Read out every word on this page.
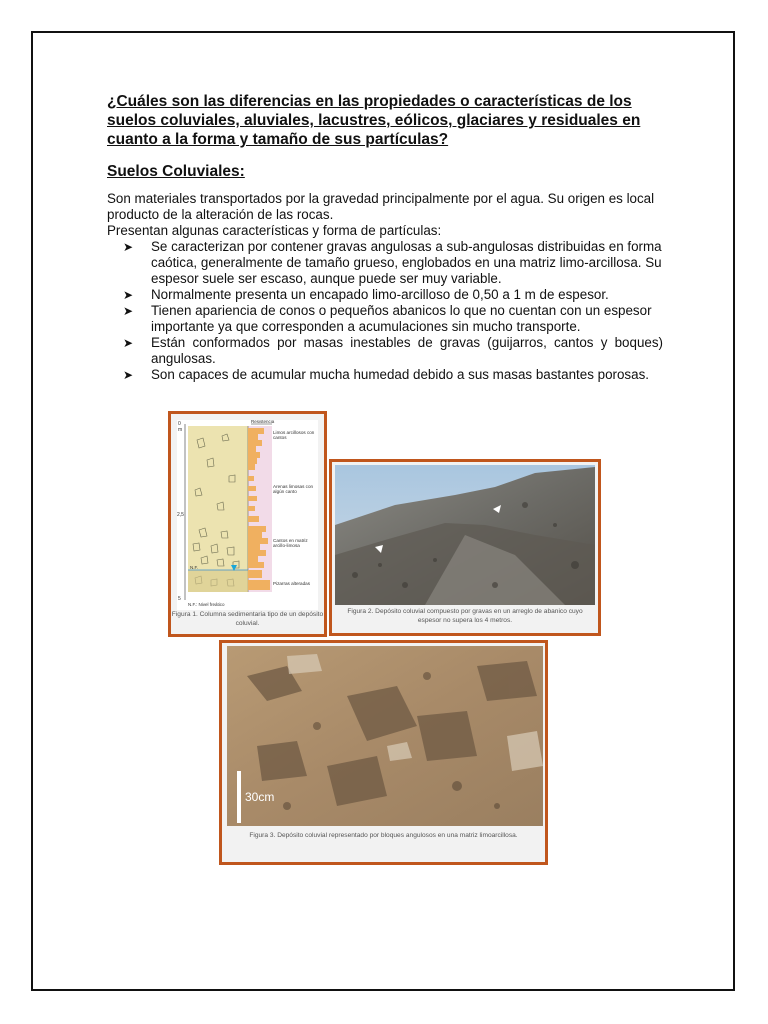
¿Cuáles son las diferencias en las propiedades o características de los suelos coluviales, aluviales, lacustres, eólicos, glaciares y residuales en cuanto a la forma y tamaño de sus partículas?

Suelos Coluviales:

Son materiales transportados por la gravedad principalmente por el agua. Su origen es local producto de la alteración de las rocas.

Presentan algunas características y forma de partículas:

➤ Se caracterizan por contener gravas angulosas a sub-angulosas distribuidas en forma caótica, generalmente de tamaño grueso, englobados en una matriz limo-arcillosa. Su espesor suele ser escaso, aunque puede ser muy variable.
➤ Normalmente presenta un encapado limo-arcilloso de 0,50 a 1 m de espesor.
➤ Tienen apariencia de conos o pequeños abanicos lo que no cuentan con un espesor importante ya que corresponden a acumulaciones sin mucho transporte.
➤ Están conformados por masas inestables de gravas (guijarros, cantos y boques) angulosas.
➤ Son capaces de acumular mucha humedad debido a sus masas bastantes porosas.
0
m
2,5
5
Resistencia
N.F.
N.F.: Nivel freático
Limos arcillosos con cantos
Arenas limosas con algún canto
Cantos en matriz arcillo-limosa
Pizarras alteradas
Figura 1. Columna sedimentaria tipo de un depósito coluvial.
Figura 2. Depósito coluvial compuesto por gravas en un arreglo de abanico cuyo espesor no supera los 4 metros.
30cm
Figura 3. Depósito coluvial representado por bloques angulosos en una matriz limoarcillosa.
